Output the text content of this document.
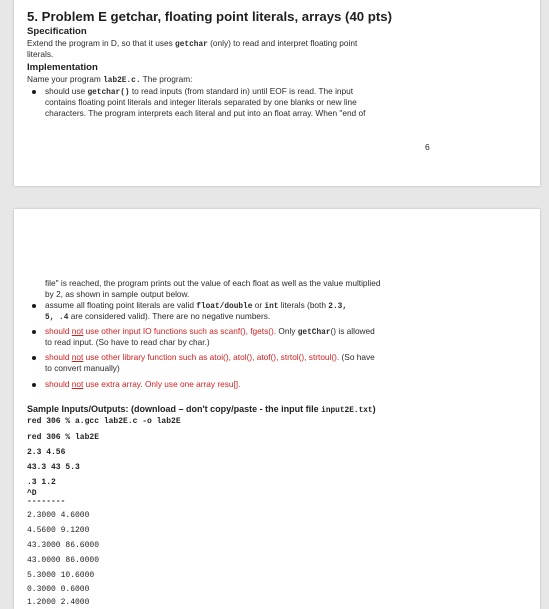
5. Problem E getchar, floating point literals, arrays (40 pts)
Specification
Extend the program in D, so that it uses getchar (only) to read and interpret floating point
literals.
Implementation
Name your program lab2E.c. The program:
should use getchar() to read inputs (from standard in) until EOF is read. The input
contains floating point literals and integer literals separated by one blanks or new line
characters. The program interprets each literal and put into an float array. When "end of
6
file" is reached, the program prints out the value of each float as well as the value multiplied
by 2, as shown in sample output below.
assume all floating point literals are valid float/double or int literals (both 2.3,
5, .4 are considered valid). There are no negative numbers.
should not use other input IO functions such as scanf(), fgets(). Only getChar() is allowed
to read input. (So have to read char by char.)
should not use other library function such as atoi(), atol(), atof(), strtol(), strtoul(). (So have
to convert manually)
should not use extra array. Only use one array resu[].
Sample Inputs/Outputs: (download – don't copy/paste - the input file input2E.txt)
red 306 % a.gcc lab2E.c -o lab2E
red 306 % lab2E
2.3 4.56
43.3 43 5.3
.3 1.2
^D
--------
2.3000 4.6000
4.5600 9.1200
43.3000 86.6000
43.0000 86.0000
5.3000 10.6000
0.3000 0.6000
1.2000 2.4000
